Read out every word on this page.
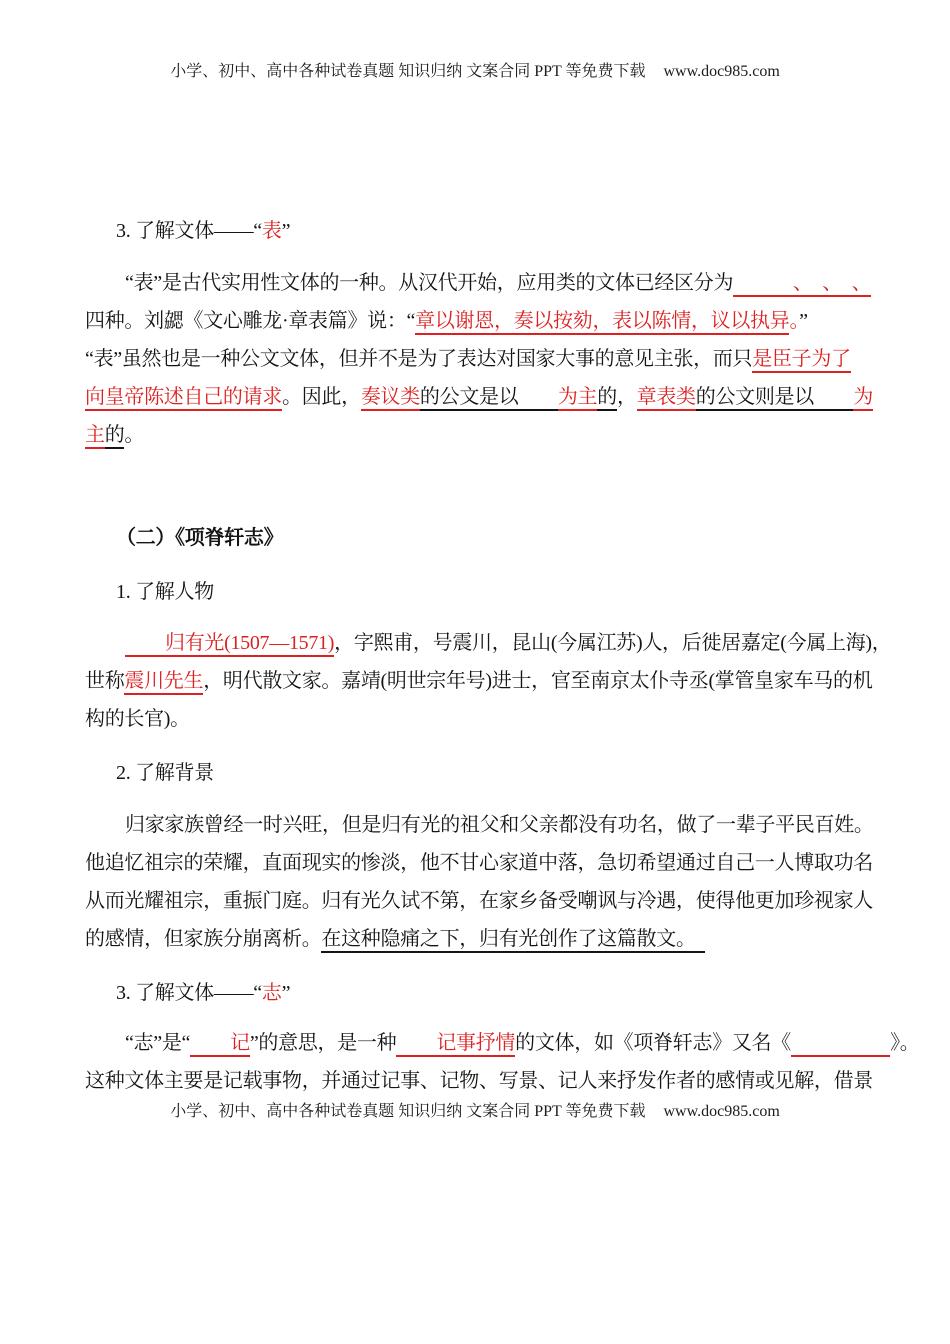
小学、初中、高中各种试卷真题 知识归纳 文案合同 PPT 等免费下载 www.doc985.com
3. 了解文体——“表”
“表”是古代实用性文体的一种。从汉代开始，应用类的文体已经区分为　、　、　、
四种。刘勰《文心雕龙·章表篇》说：“章以谢恩，奏以按劾，表以陈情，议以执异。”
“表”虽然也是一种公文文体，但并不是为了表达对国家大事的意见主张，而只是臣子为了
向皇帝陈述自己的请求。因此，奏议类的公文是以　　 为主的，章表类的公文则是以　　 为
主的。
（二）《项脊轩志》
1. 了解人物
归有光(1507—1571)，字熙甫，号震川，昆山(今属江苏)人，后徙居嘉定(今属上海)，
世称震川先生，明代散文家。嘉靖(明世宗年号)进士，官至南京太仆寺丞(掌管皇家车马的机
构的长官)。
2. 了解背景
归家家族曾经一时兴旺，但是归有光的祖父和父亲都没有功名，做了一辈子平民百姓。
他追忆祖宗的荣耀，直面现实的惨淡，他不甘心家道中落，急切希望通过自己一人博取功名
从而光耀祖宗，重振门庭。归有光久试不第，在家乡备受嘲讽与冷遇，使得他更加珍视家人
的感情，但家族分崩离析。在这种隐痛之下，归有光创作了这篇散文。　
3. 了解文体——“志”
“志”是“ 记”的意思，是一种 记事抒情的文体，如《项脊轩志》又名《　　　	》。
这种文体主要是记载事物，并通过记事、记物、写景、记人来抒发作者的感情或见解，借景
小学、初中、高中各种试卷真题 知识归纳 文案合同 PPT 等免费下载 www.doc985.com
